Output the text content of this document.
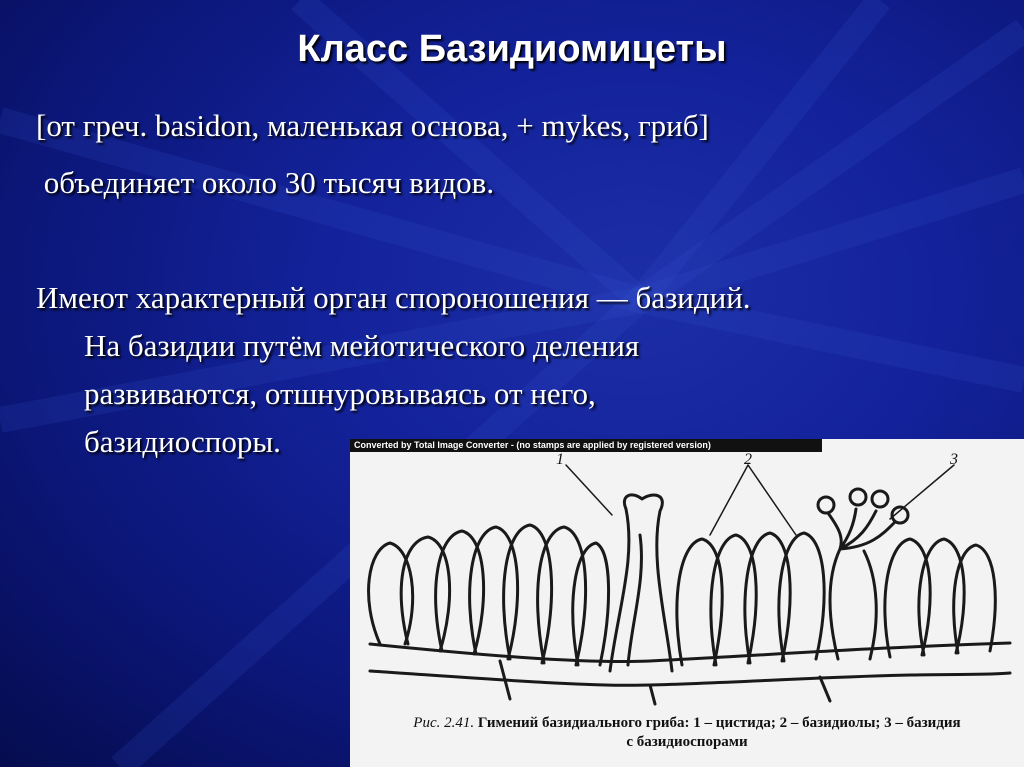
Класс Базидиомицеты
[от греч. basidon, маленькая основа, + mykes, гриб]
объединяет около 30 тысяч видов.
Имеют характерный орган спороношения — базидий.
На базидии путём мейотического деления
развиваются, отшнуровываясь от него,
базидиоспоры.	Converted by Total Image Converter - (no stamps are applied by registered version)
1	2	3
Рис. 2.41. Гимений базидиального гриба: 1 – цистида; 2 – базидиолы; 3 – базидия
с базидиоспорами
